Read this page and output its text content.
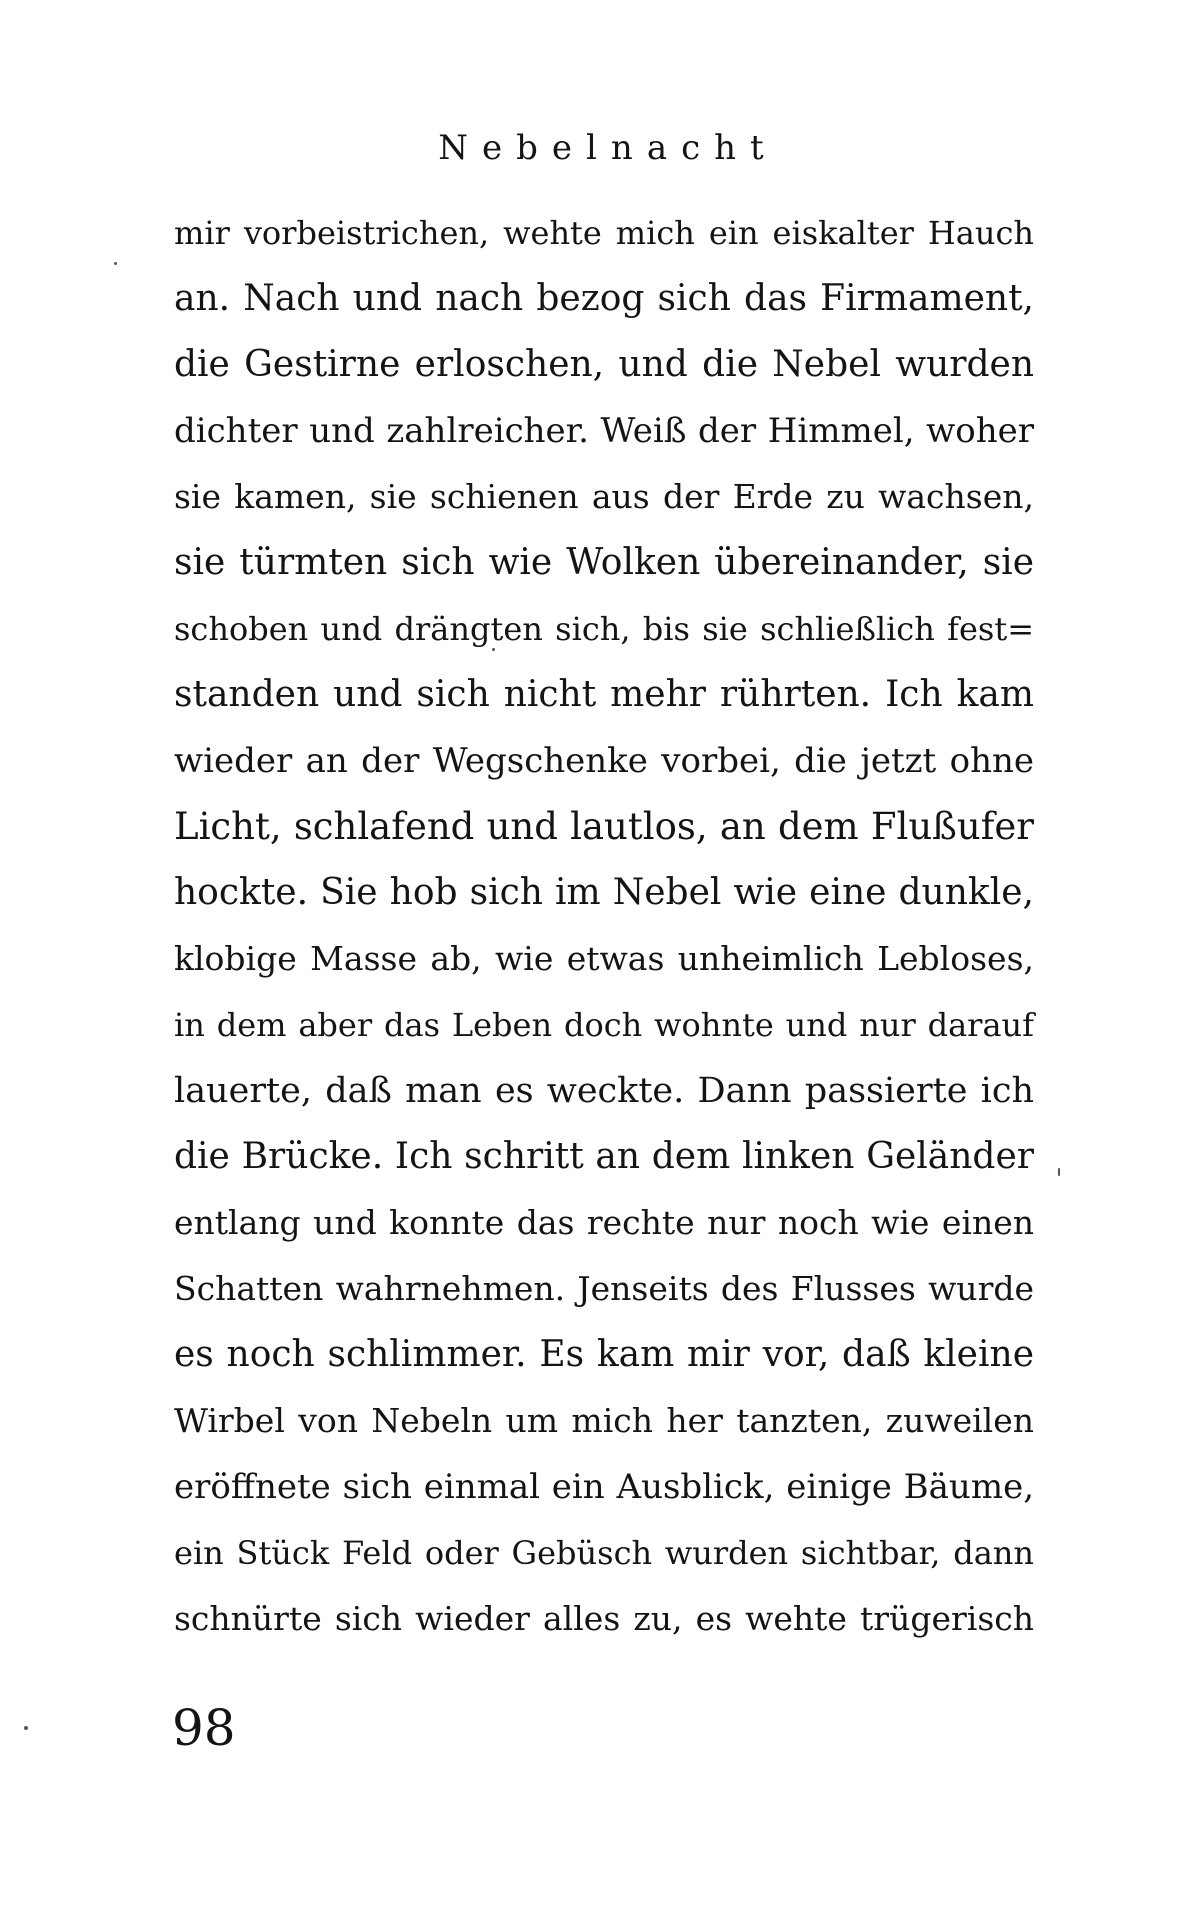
Nebelnacht
mir vorbeistrichen, wehte mich ein eiskalter Hauch
an. Nach und nach bezog sich das Firmament,
die Gestirne erloschen, und die Nebel wurden
dichter und zahlreicher. Weiß der Himmel, woher
sie kamen, sie schienen aus der Erde zu wachsen,
sie türmten sich wie Wolken übereinander, sie
schoben und drängten sich, bis sie schließlich fest=
standen und sich nicht mehr rührten. Ich kam
wieder an der Wegschenke vorbei, die jetzt ohne
Licht, schlafend und lautlos, an dem Flußufer
hockte. Sie hob sich im Nebel wie eine dunkle,
klobige Masse ab, wie etwas unheimlich Lebloses,
in dem aber das Leben doch wohnte und nur darauf
lauerte, daß man es weckte. Dann passierte ich
die Brücke. Ich schritt an dem linken Geländer
entlang und konnte das rechte nur noch wie einen
Schatten wahrnehmen. Jenseits des Flusses wurde
es noch schlimmer. Es kam mir vor, daß kleine
Wirbel von Nebeln um mich her tanzten, zuweilen
eröffnete sich einmal ein Ausblick, einige Bäume,
ein Stück Feld oder Gebüsch wurden sichtbar, dann
schnürte sich wieder alles zu, es wehte trügerisch
98
